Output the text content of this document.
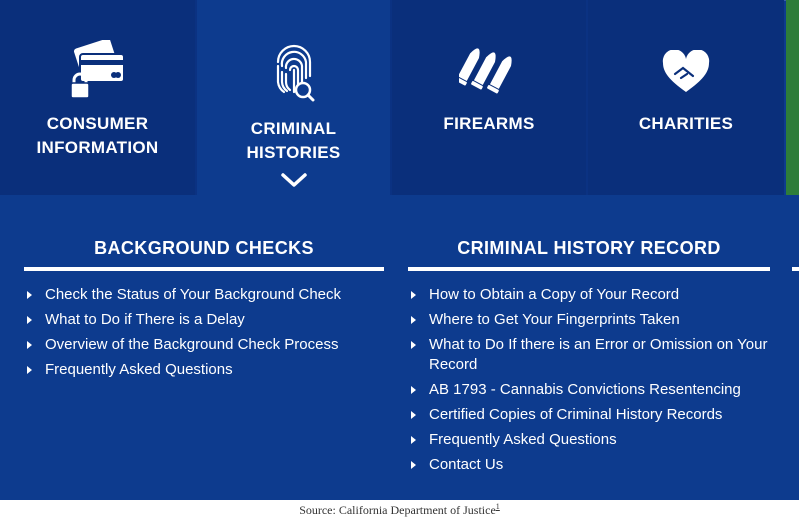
CONSUMER
INFORMATION
CRIMINAL
HISTORIES
FIREARMS	CHARITIES
BACKGROUND CHECKS
Check the Status of Your Background Check
What to Do if There is a Delay
Overview of the Background Check Process
Frequently Asked Questions
CRIMINAL HISTORY RECORD
How to Obtain a Copy of Your Record
Where to Get Your Fingerprints Taken
What to Do If there is an Error or Omission on Your Record
AB 1793 - Cannabis Convictions Resentencing
Certified Copies of Criminal History Records
Frequently Asked Questions
Contact Us
Source: California Department of Justice$^1$
